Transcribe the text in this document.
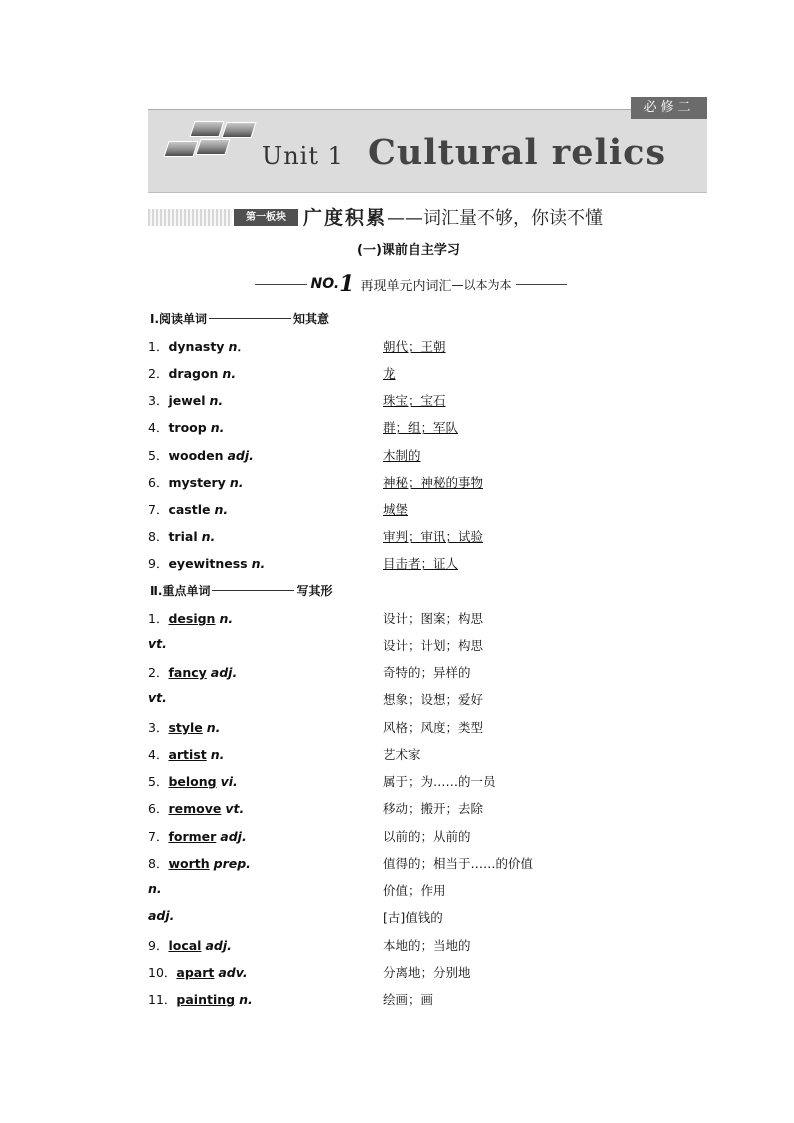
必修二
Unit 1 Cultural relics
第一板块 广度积累——词汇量不够，你读不懂
(一)课前自主学习
NO. 1 再现单元内词汇 —以本为本
Ⅰ.阅读单词	知其意
1．dynasty n．	朝代；王朝
2．dragon n.	龙
3．jewel n.	珠宝；宝石
4．troop n.	群；组；军队
5．wooden adj.	木制的
6．mystery n.	神秘；神秘的事物
7．castle n.	城堡
8．trial n.	审判；审讯；试验
9．eyewitness n.	目击者；证人
Ⅱ.重点单词	写其形
1．design n.	设计；图案；构思
vt.	设计；计划；构思
2．fancy adj.	奇特的；异样的
vt.	想象；设想；爱好
3．style n.	风格；风度；类型
4．artist n.	艺术家
5．belong vi.	属于；为……的一员
6．remove vt.	移动；搬开；去除
7．former adj.	以前的；从前的
8．worth prep.	值得的；相当于……的价值
n.	价值；作用
adj.	[古]值钱的
9．local adj.	本地的；当地的
10．apart adv.	分离地；分别地
11．painting n.	绘画；画
